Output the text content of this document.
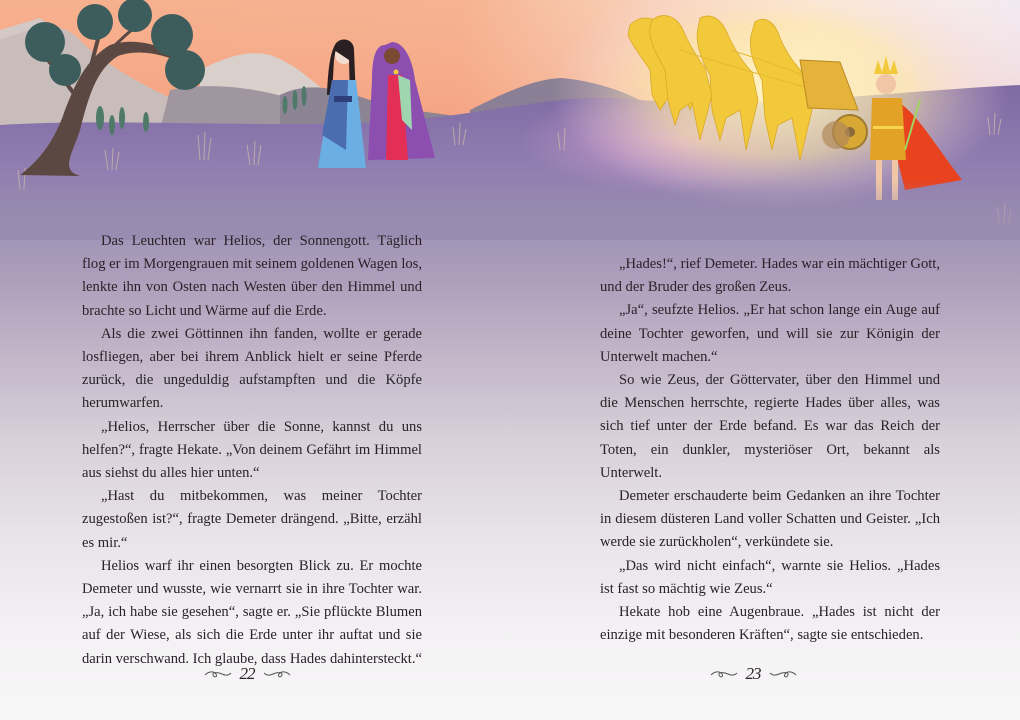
Das Leuchten war Helios, der Sonnengott. Täglich flog er im Morgengrauen mit seinem goldenen Wagen los, lenkte ihn von Osten nach Westen über den Himmel und brachte so Licht und Wärme auf die Erde.

Als die zwei Göttinnen ihn fanden, wollte er gerade losfliegen, aber bei ihrem Anblick hielt er seine Pferde zurück, die ungeduldig aufstampften und die Köpfe herumwarfen.

„Helios, Herrscher über die Sonne, kannst du uns helfen?“, fragte Hekate. „Von deinem Gefährt im Himmel aus siehst du alles hier unten.“

„Hast du mitbekommen, was meiner Tochter zugestoßen ist?“, fragte Demeter drängend. „Bitte, erzähl es mir.“

Helios warf ihr einen besorgten Blick zu. Er mochte Demeter und wusste, wie vernarrt sie in ihre Tochter war. „Ja, ich habe sie gesehen“, sagte er. „Sie pflückte Blumen auf der Wiese, als sich die Erde unter ihr auftat und sie darin verschwand. Ich glaube, dass Hades dahintersteckt.“

22

„Hades!“, rief Demeter. Hades war ein mächtiger Gott, und der Bruder des großen Zeus.

„Ja“, seufzte Helios. „Er hat schon lange ein Auge auf deine Tochter geworfen, und will sie zur Königin der Unterwelt machen.“

So wie Zeus, der Göttervater, über den Himmel und die Menschen herrschte, regierte Hades über alles, was sich tief unter der Erde befand. Es war das Reich der Toten, ein dunkler, mysteriöser Ort, bekannt als Unterwelt.

Demeter erschauderte beim Gedanken an ihre Tochter in diesem düsteren Land voller Schatten und Geister. „Ich werde sie zurückholen“, verkündete sie.

„Das wird nicht einfach“, warnte sie Helios. „Hades ist fast so mächtig wie Zeus.“

Hekate hob eine Augenbraue. „Hades ist nicht der einzige mit besonderen Kräften“, sagte sie entschieden.

23
